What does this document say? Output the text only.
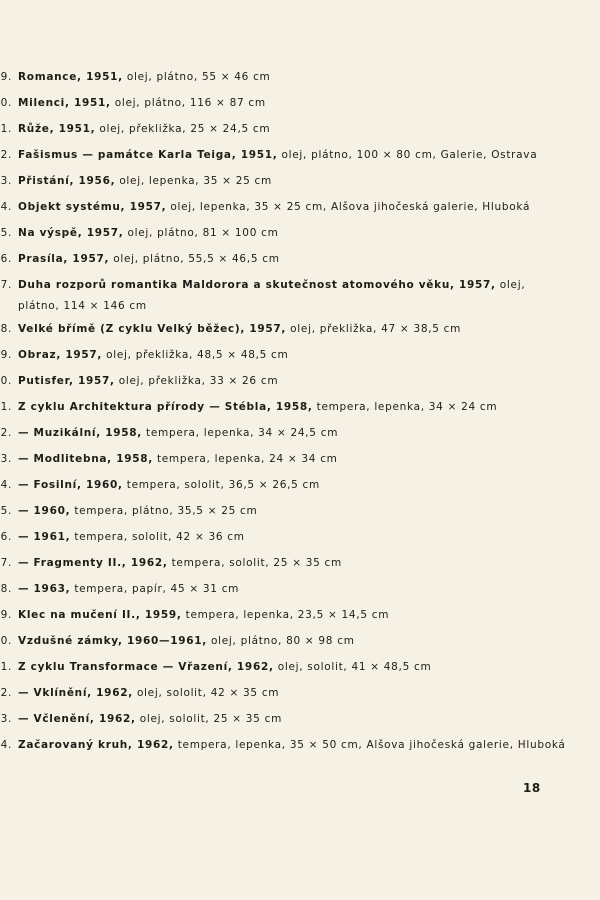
9. Romance, 1951, olej, plátno, 55 × 46 cm
0. Milenci, 1951, olej, plátno, 116 × 87 cm
1. Růže, 1951, olej, překližka, 25 × 24,5 cm
2. Fašismus — památce Karla Teiga, 1951, olej, plátno, 100 × 80 cm, Galerie, Ostrava
3. Přistání, 1956, olej, lepenka, 35 × 25 cm
4. Objekt systému, 1957, olej, lepenka, 35 × 25 cm, Alšova jihočeská galerie, Hluboká
5. Na výspě, 1957, olej, plátno, 81 × 100 cm
6. Prasíla, 1957, olej, plátno, 55,5 × 46,5 cm
7. Duha rozporů romantika Maldorora a skutečnost atomového věku, 1957, olej, plátno, 114 × 146 cm
8. Velké břímě (Z cyklu Velký běžec), 1957, olej, překližka, 47 × 38,5 cm
9. Obraz, 1957, olej, překližka, 48,5 × 48,5 cm
0. Putisfer, 1957, olej, překližka, 33 × 26 cm
1. Z cyklu Architektura přírody — Stébla, 1958, tempera, lepenka, 34 × 24 cm
2. — Muzikální, 1958, tempera, lepenka, 34 × 24,5 cm
3. — Modlitebna, 1958, tempera, lepenka, 24 × 34 cm
4. — Fosilní, 1960, tempera, sololit, 36,5 × 26,5 cm
5. — 1960, tempera, plátno, 35,5 × 25 cm
6. — 1961, tempera, sololit, 42 × 36 cm
7. — Fragmenty II., 1962, tempera, sololit, 25 × 35 cm
8. — 1963, tempera, papír, 45 × 31 cm
9. Klec na mučení II., 1959, tempera, lepenka, 23,5 × 14,5 cm
0. Vzdušné zámky, 1960—1961, olej, plátno, 80 × 98 cm
1. Z cyklu Transformace — Vřazení, 1962, olej, sololit, 41 × 48,5 cm
2. — Vklínění, 1962, olej, sololit, 42 × 35 cm
3. — Včlenění, 1962, olej, sololit, 25 × 35 cm
4. Začarovaný kruh, 1962, tempera, lepenka, 35 × 50 cm, Alšova jihočeská galerie, Hluboká
18
